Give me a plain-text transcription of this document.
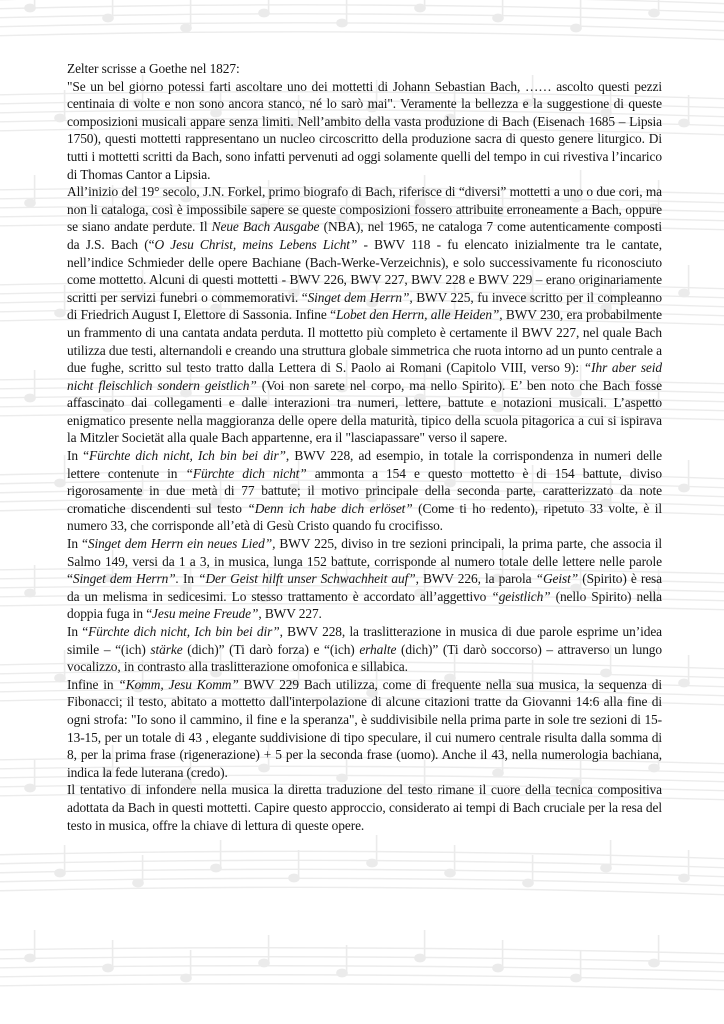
Zelter scrisse a Goethe nel 1827:

"Se un bel giorno potessi farti ascoltare uno dei mottetti di Johann Sebastian Bach, …… ascolto questi pezzi centinaia di volte e non sono ancora stanco, né lo sarò mai". Veramente la bellezza e la suggestione di queste composizioni musicali appare senza limiti. Nell’ambito della vasta produzione di Bach (Eisenach 1685 – Lipsia 1750), questi mottetti rappresentano un nucleo circoscritto della produzione sacra di questo genere liturgico. Di tutti i mottetti scritti da Bach, sono infatti pervenuti ad oggi solamente quelli del tempo in cui rivestiva l’incarico di Thomas Cantor a Lipsia.

All’inizio del 19° secolo, J.N. Forkel, primo biografo di Bach, riferisce di “diversi” mottetti a uno o due cori, ma non li cataloga, così è impossibile sapere se queste composizioni fossero attribuite erroneamente a Bach, oppure se siano andate perdute. Il Neue Bach Ausgabe (NBA), nel 1965, ne cataloga 7 come autenticamente composti da J.S. Bach (“O Jesu Christ, meins Lebens Licht” - BWV 118 - fu elencato inizialmente tra le cantate, nell’indice Schmieder delle opere Bachiane (Bach-Werke-Verzeichnis), e solo successivamente fu riconosciuto come mottetto. Alcuni di questi mottetti - BWV 226, BWV 227, BWV 228 e BWV 229 – erano originariamente scritti per servizi funebri o commemorativi. “Singet dem Herrn”, BWV 225, fu invece scritto per il compleanno di Friedrich August I, Elettore di Sassonia. Infine “Lobet den Herrn, alle Heiden”, BWV 230, era probabilmente un frammento di una cantata andata perduta. Il mottetto più completo è certamente il BWV 227, nel quale Bach utilizza due testi, alternandoli e creando una struttura globale simmetrica che ruota intorno ad un punto centrale a due fughe, scritto sul testo tratto dalla Lettera di S. Paolo ai Romani (Capitolo VIII, verso 9): “Ihr aber seid nicht fleischlich sondern geistlich” (Voi non sarete nel corpo, ma nello Spirito). E’ ben noto che Bach fosse affascinato dai collegamenti e dalle interazioni tra numeri, lettere, battute e notazioni musicali. L’aspetto enigmatico presente nella maggioranza delle opere della maturità, tipico della scuola pitagorica a cui si ispirava la Mitzler Societät alla quale Bach appartenne, era il "lasciapassare" verso il sapere.

In “Fürchte dich nicht, Ich bin bei dir”, BWV 228, ad esempio, in totale la corrispondenza in numeri delle lettere contenute in “Fürchte dich nicht” ammonta a 154 e questo mottetto è di 154 battute, diviso rigorosamente in due metà di 77 battute; il motivo principale della seconda parte, caratterizzato da note cromatiche discendenti sul testo “Denn ich habe dich erlöset” (Come ti ho redento), ripetuto 33 volte, è il numero 33, che corrisponde all’età di Gesù Cristo quando fu crocifisso.

In “Singet dem Herrn ein neues Lied”, BWV 225, diviso in tre sezioni principali, la prima parte, che associa il Salmo 149, versi da 1 a 3, in musica, lunga 152 battute, corrisponde al numero totale delle lettere nelle parole “Singet dem Herrn”. In “Der Geist hilft unser Schwachheit auf”, BWV 226, la parola “Geist” (Spirito) è resa da un melisma in sedicesimi. Lo stesso trattamento è accordato all’aggettivo “geistlich” (nello Spirito) nella doppia fuga in “Jesu meine Freude”, BWV 227.

In “Fürchte dich nicht, Ich bin bei dir”, BWV 228, la traslitterazione in musica di due parole esprime un’idea simile – “(ich) stärke (dich)” (Ti darò forza) e “(ich) erhalte (dich)” (Ti darò soccorso) – attraverso un lungo vocalizzo, in contrasto alla traslitterazione omofonica e sillabica.

Infine in “Komm, Jesu Komm” BWV 229 Bach utilizza, come di frequente nella sua musica, la sequenza di Fibonacci; il testo, abitato a mottetto dall'interpolazione di alcune citazioni tratte da Giovanni 14:6 alla fine di ogni strofa: "Io sono il cammino, il fine e la speranza", è suddivisibile nella prima parte in sole tre sezioni di 15-13-15, per un totale di 43 , elegante suddivisione di tipo speculare, il cui numero centrale risulta dalla somma di 8, per la prima frase (rigenerazione) + 5 per la seconda frase (uomo). Anche il 43, nella numerologia bachiana, indica la fede luterana (credo).

Il tentativo di infondere nella musica la diretta traduzione del testo rimane il cuore della tecnica compositiva adottata da Bach in questi mottetti. Capire questo approccio, considerato ai tempi di Bach cruciale per la resa del testo in musica, offre la chiave di lettura di queste opere.
